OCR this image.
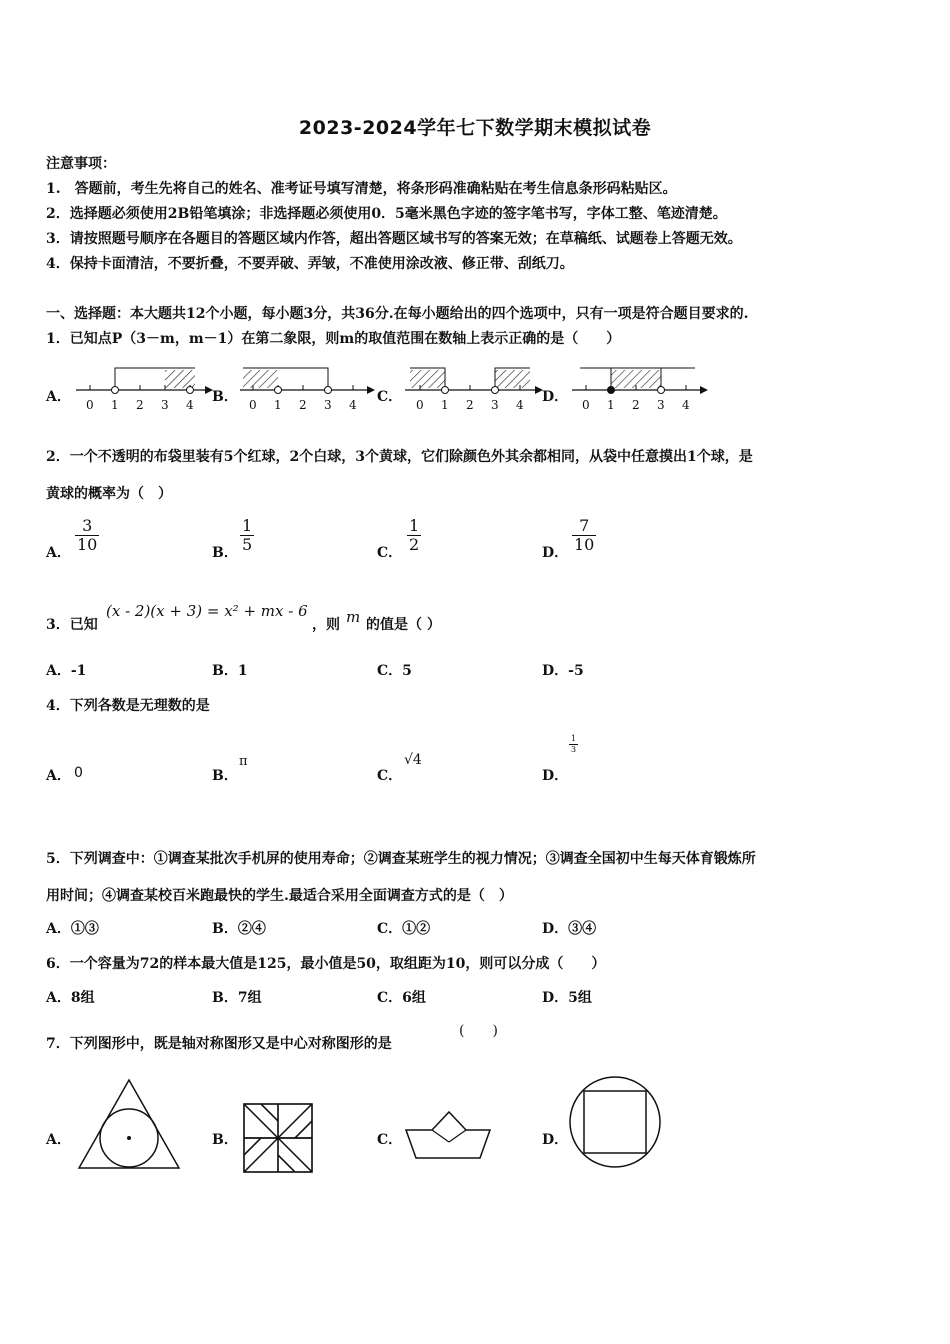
2023-2024学年七下数学期末模拟试卷
注意事项：
1.　答题前，考生先将自己的姓名、准考证号填写清楚，将条形码准确粘贴在考生信息条形码粘贴区。
2．选择题必须使用2B铅笔填涂；非选择题必须使用0．5毫米黑色字迹的签字笔书写，字体工整、笔迹清楚。
3．请按照题号顺序在各题目的答题区域内作答，超出答题区域书写的答案无效；在草稿纸、试题卷上答题无效。
4．保持卡面清洁，不要折叠，不要弄破、弄皱，不准使用涂改液、修正带、刮纸刀。
一、选择题：本大题共12个小题，每小题3分，共36分.在每小题给出的四个选项中，只有一项是符合题目要求的.
1．已知点P（3－m，m－1）在第二象限，则m的取值范围在数轴上表示正确的是（　　）
A．	B．	C．	D．
0 1 2 3 4	0 1 2 3 4	0 1 2 3 4	0 1 2 3 4
2．一个不透明的布袋里装有5个红球，2个白球，3个黄球，它们除颜色外其余都相同，从袋中任意摸出1个球，是
黄球的概率为（　）
A． $\frac{3}{10}$	B． $\frac{1}{5}$	C． $\frac{1}{2}$	D． $\frac{7}{10}$
3．已知
(x - 2)(x + 3) = x² + mx - 6
，则 m 的值是（ ）
A．-1	B．1	C．5	D．-5
4．下列各数是无理数的是
A． 0	B．
π
C．
√4
D．
$\frac{1}{3}$
5．下列调查中：①调查某批次手机屏的使用寿命；②调查某班学生的视力情况；③调查全国初中生每天体育锻炼所
用时间；④调查某校百米跑最快的学生.最适合采用全面调查方式的是（　）
A．①③	B．②④	C．①②	D．③④
6．一个容量为72的样本最大值是125，最小值是50，取组距为10，则可以分成（　　）
A．8组	B．7组	C．6组	D．5组
7．下列图形中，既是轴对称图形又是中心对称图形的是
(　　)
A．	B．	C．	D．
